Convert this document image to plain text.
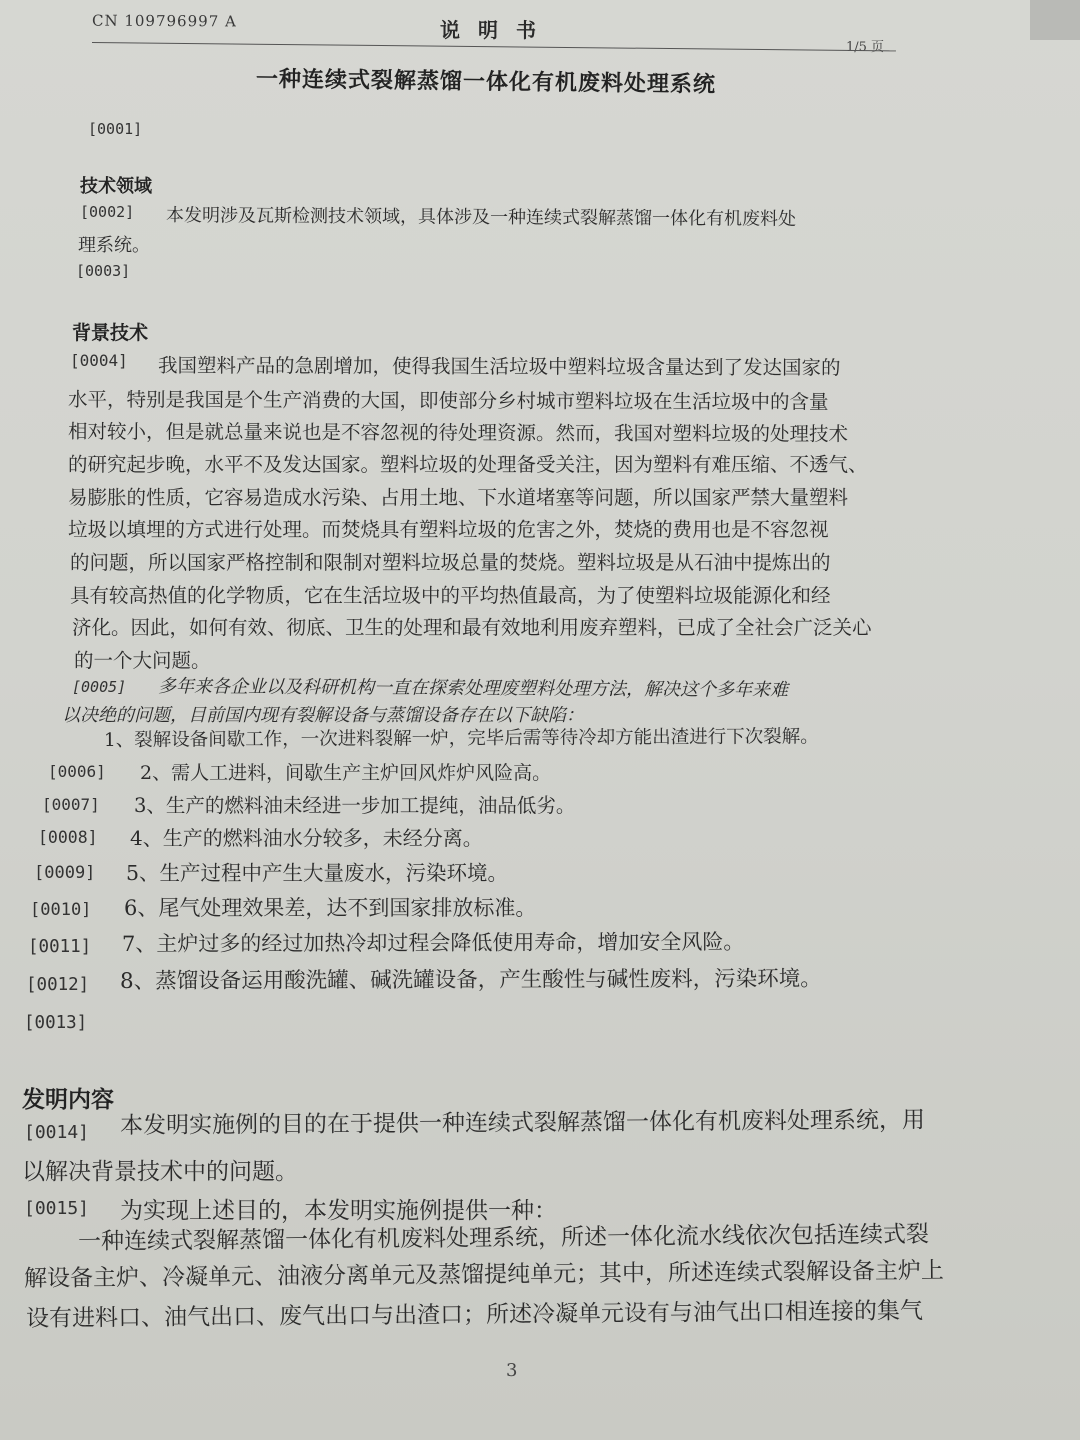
CN 109796997 A	说明书
1/5 页
一种连续式裂解蒸馏一体化有机废料处理系统
[0001]
技术领域
[0002] 本发明涉及瓦斯检测技术领域，具体涉及一种连续式裂解蒸馏一体化有机废料处
理系统。
[0003]
背景技术
[0004] 我国塑料产品的急剧增加，使得我国生活垃圾中塑料垃圾含量达到了发达国家的
水平，特别是我国是个生产消费的大国，即使部分乡村城市塑料垃圾在生活垃圾中的含量
相对较小，但是就总量来说也是不容忽视的待处理资源。然而，我国对塑料垃圾的处理技术
的研究起步晚，水平不及发达国家。塑料垃圾的处理备受关注，因为塑料有难压缩、不透气、
易膨胀的性质，它容易造成水污染、占用土地、下水道堵塞等问题，所以国家严禁大量塑料
垃圾以填埋的方式进行处理。而焚烧具有塑料垃圾的危害之外，焚烧的费用也是不容忽视
的问题，所以国家严格控制和限制对塑料垃圾总量的焚烧。塑料垃圾是从石油中提炼出的
具有较高热值的化学物质，它在生活垃圾中的平均热值最高，为了使塑料垃圾能源化和经
济化。因此，如何有效、彻底、卫生的处理和最有效地利用废弃塑料，已成了全社会广泛关心
的一个大问题。
[0005] 多年来各企业以及科研机构一直在探索处理废塑料处理方法，解决这个多年来难
以决绝的问题，目前国内现有裂解设备与蒸馏设备存在以下缺陷：
1、裂解设备间歇工作，一次进料裂解一炉，完毕后需等待冷却方能出渣进行下次裂解。
[0006] 2、需人工进料，间歇生产主炉回风炸炉风险高。
[0007] 3、生产的燃料油未经进一步加工提纯，油品低劣。
[0008] 4、生产的燃料油水分较多，未经分离。
[0009] 5、生产过程中产生大量废水，污染环境。
[0010] 6、尾气处理效果差，达不到国家排放标准。
[0011] 7、主炉过多的经过加热冷却过程会降低使用寿命，增加安全风险。
[0012] 8、蒸馏设备运用酸洗罐、碱洗罐设备，产生酸性与碱性废料，污染环境。
[0013]
发明内容
[0014] 本发明实施例的目的在于提供一种连续式裂解蒸馏一体化有机废料处理系统，用
以解决背景技术中的问题。
[0015] 为实现上述目的，本发明实施例提供一种：
一种连续式裂解蒸馏一体化有机废料处理系统，所述一体化流水线依次包括连续式裂
解设备主炉、冷凝单元、油液分离单元及蒸馏提纯单元；其中，所述连续式裂解设备主炉上
设有进料口、油气出口、废气出口与出渣口；所述冷凝单元设有与油气出口相连接的集气
3
